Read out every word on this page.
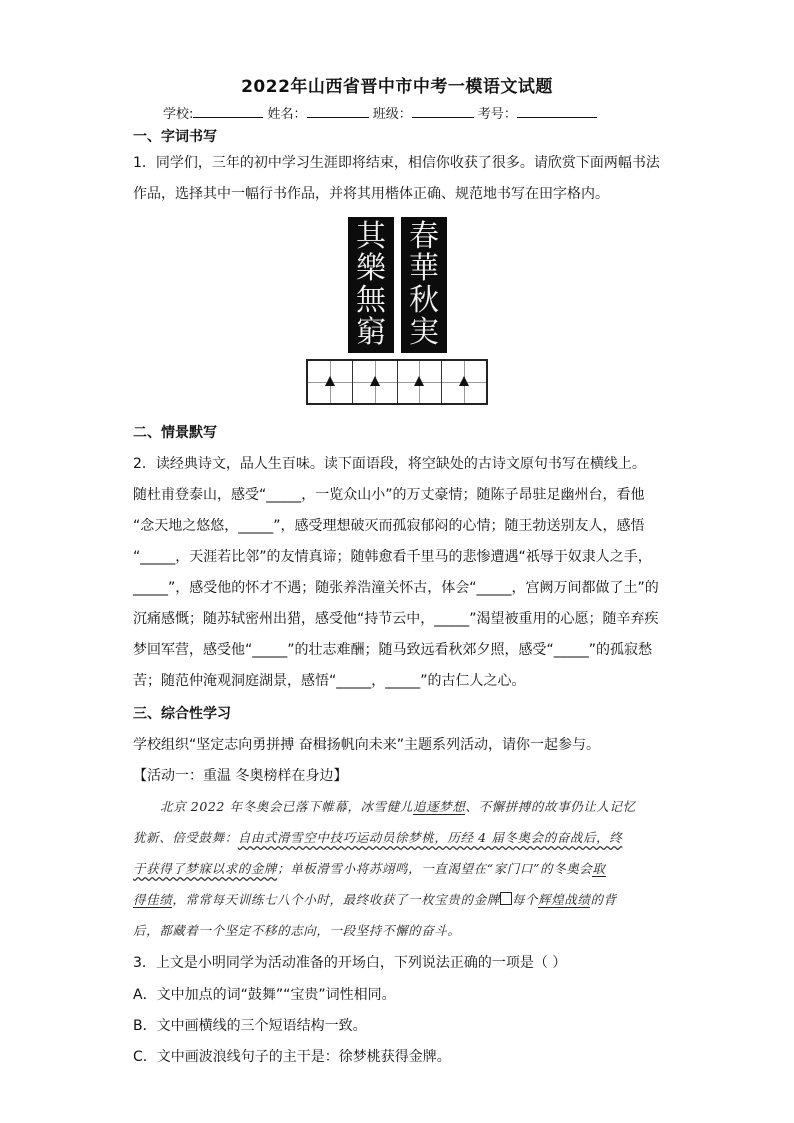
2022年山西省晋中市中考一模语文试题
学校:	姓名：	班级：	考号：
一、字词书写
1．同学们，三年的初中学习生涯即将结束，相信你收获了很多。请欣赏下面两幅书法
作品，选择其中一幅行书作品，并将其用楷体正确、规范地书写在田字格内。
其
樂
無
窮
春
華
秋
実
二、情景默写
2．读经典诗文，品人生百味。读下面语段，将空缺处的古诗文原句书写在横线上。
随杜甫登泰山，感受“_____，一览众山小”的万丈豪情；随陈子昂驻足幽州台，看他
“念天地之悠悠，_____”，感受理想破灭而孤寂郁闷的心情；随王勃送别友人，感悟
“_____，天涯若比邻”的友情真谛；随韩愈看千里马的悲惨遭遇“祇辱于奴隶人之手，
_____”，感受他的怀才不遇；随张养浩潼关怀古，体会“_____，宫阙万间都做了土”的
沉痛感慨；随苏轼密州出猎，感受他“持节云中，_____”渴望被重用的心愿；随辛弃疾
梦回军营，感受他“_____”的壮志难酬；随马致远看秋郊夕照，感受“_____”的孤寂愁
苦；随范仲淹观洞庭湖景，感悟“_____，_____”的古仁人之心。
三、综合性学习
学校组织“坚定志向勇拼搏 奋楫扬帆向未来”主题系列活动，请你一起参与。
【活动一：重温 冬奥榜样在身边】
北京 2022 年冬奥会已落下帷幕，冰雪健儿追逐梦想、不懈拼搏的故事仍让人记忆
犹新、倍受鼓舞：自由式滑雪空中技巧运动员徐梦桃，历经 4 届冬奥会的奋战后，终
于获得了梦寐以求的金牌；单板滑雪小将苏翊鸣，一直渴望在“家门口”的冬奥会取
得佳绩，常常每天训练七八个小时，最终收获了一枚宝贵的金牌 每个辉煌战绩的背
后，都藏着一个坚定不移的志向，一段坚持不懈的奋斗。
3．上文是小明同学为活动准备的开场白，下列说法正确的一项是（ ）
A．文中加点的词“鼓舞”“宝贵”词性相同。
B．文中画横线的三个短语结构一致。
C．文中画波浪线句子的主干是：徐梦桃获得金牌。
